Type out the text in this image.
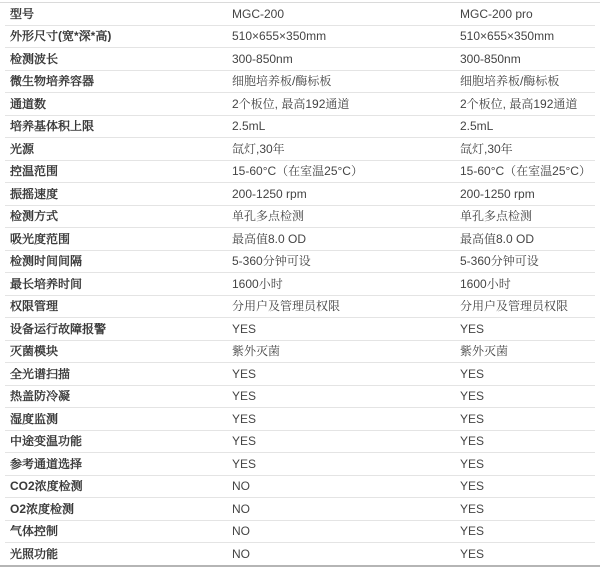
型号	MGC-200	MGC-200 pro
外形尺寸(宽*深*高)	510×655×350mm	510×655×350mm
检测波长	300-850nm	300-850nm
微生物培养容器	细胞培养板/酶标板	细胞培养板/酶标板
通道数	2个板位, 最高192通道	2个板位, 最高192通道
培养基体积上限	2.5mL	2.5mL
光源	氙灯,30年	氙灯,30年
控温范围	15-60°C（在室温25°C）	15-60°C（在室温25°C）
振摇速度	200-1250 rpm	200-1250 rpm
检测方式	单孔多点检测	单孔多点检测
吸光度范围	最高值8.0 OD	最高值8.0 OD
检测时间间隔	5-360分钟可设	5-360分钟可设
最长培养时间	1600小时	1600小时
权限管理	分用户及管理员权限	分用户及管理员权限
设备运行故障报警	YES	YES
灭菌模块	紫外灭菌	紫外灭菌
全光谱扫描	YES	YES
热盖防冷凝	YES	YES
湿度监测	YES	YES
中途变温功能	YES	YES
参考通道选择	YES	YES
CO2浓度检测	NO	YES
O2浓度检测	NO	YES
气体控制	NO	YES
光照功能	NO	YES
